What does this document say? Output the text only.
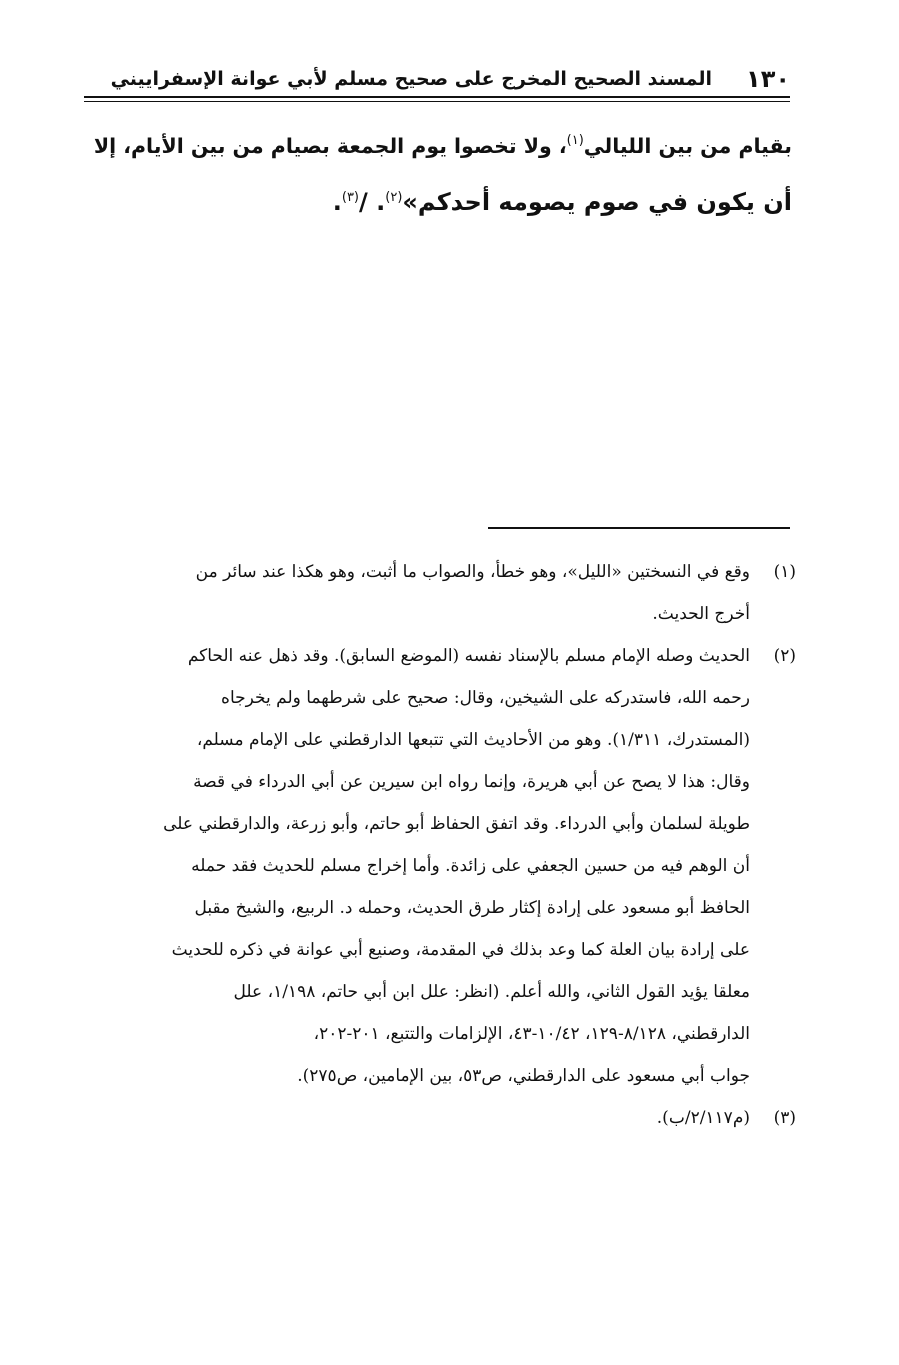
١٣٠
المسند الصحيح المخرج على صحيح مسلم لأبي عوانة الإسفراييني
بقيام من بين الليالي$^{(١)}$، ولا تخصوا يوم الجمعة بصيام من بين الأيام، إلا
أن يكون في صوم يصومه أحدكم»$^{(٢)}$. /$^{(٣)}$.
(١)
وقع في النسختين «الليل»، وهو خطأ، والصواب ما أثبت، وهو هكذا عند سائر من
أخرج الحديث.
(٢)
الحديث وصله الإمام مسلم بالإسناد نفسه (الموضع السابق). وقد ذهل عنه الحاكم
رحمه الله، فاستدركه على الشيخين، وقال: صحيح على شرطهما ولم يخرجاه
(المستدرك، ١/٣١١). وهو من الأحاديث التي تتبعها الدارقطني على الإمام مسلم،
وقال: هذا لا يصح عن أبي هريرة، وإنما رواه ابن سيرين عن أبي الدرداء في قصة
طويلة لسلمان وأبي الدرداء. وقد اتفق الحفاظ أبو حاتم، وأبو زرعة، والدارقطني على
أن الوهم فيه من حسين الجعفي على زائدة. وأما إخراج مسلم للحديث فقد حمله
الحافظ أبو مسعود على إرادة إكثار طرق الحديث، وحمله د. الربيع، والشيخ مقبل
على إرادة بيان العلة كما وعد بذلك في المقدمة، وصنيع أبي عوانة في ذكره للحديث
معلقا يؤيد القول الثاني، والله أعلم. (انظر: علل ابن أبي حاتم، ١/١٩٨، علل
الدارقطني، ٨/١٢٨-١٢٩، ١٠/٤٢-٤٣، الإلزامات والتتبع، ٢٠١-٢٠٢،
جواب أبي مسعود على الدارقطني، ص٥٣، بين الإمامين، ص٢٧٥).
(٣)
(م٢/١١٧/ب).
